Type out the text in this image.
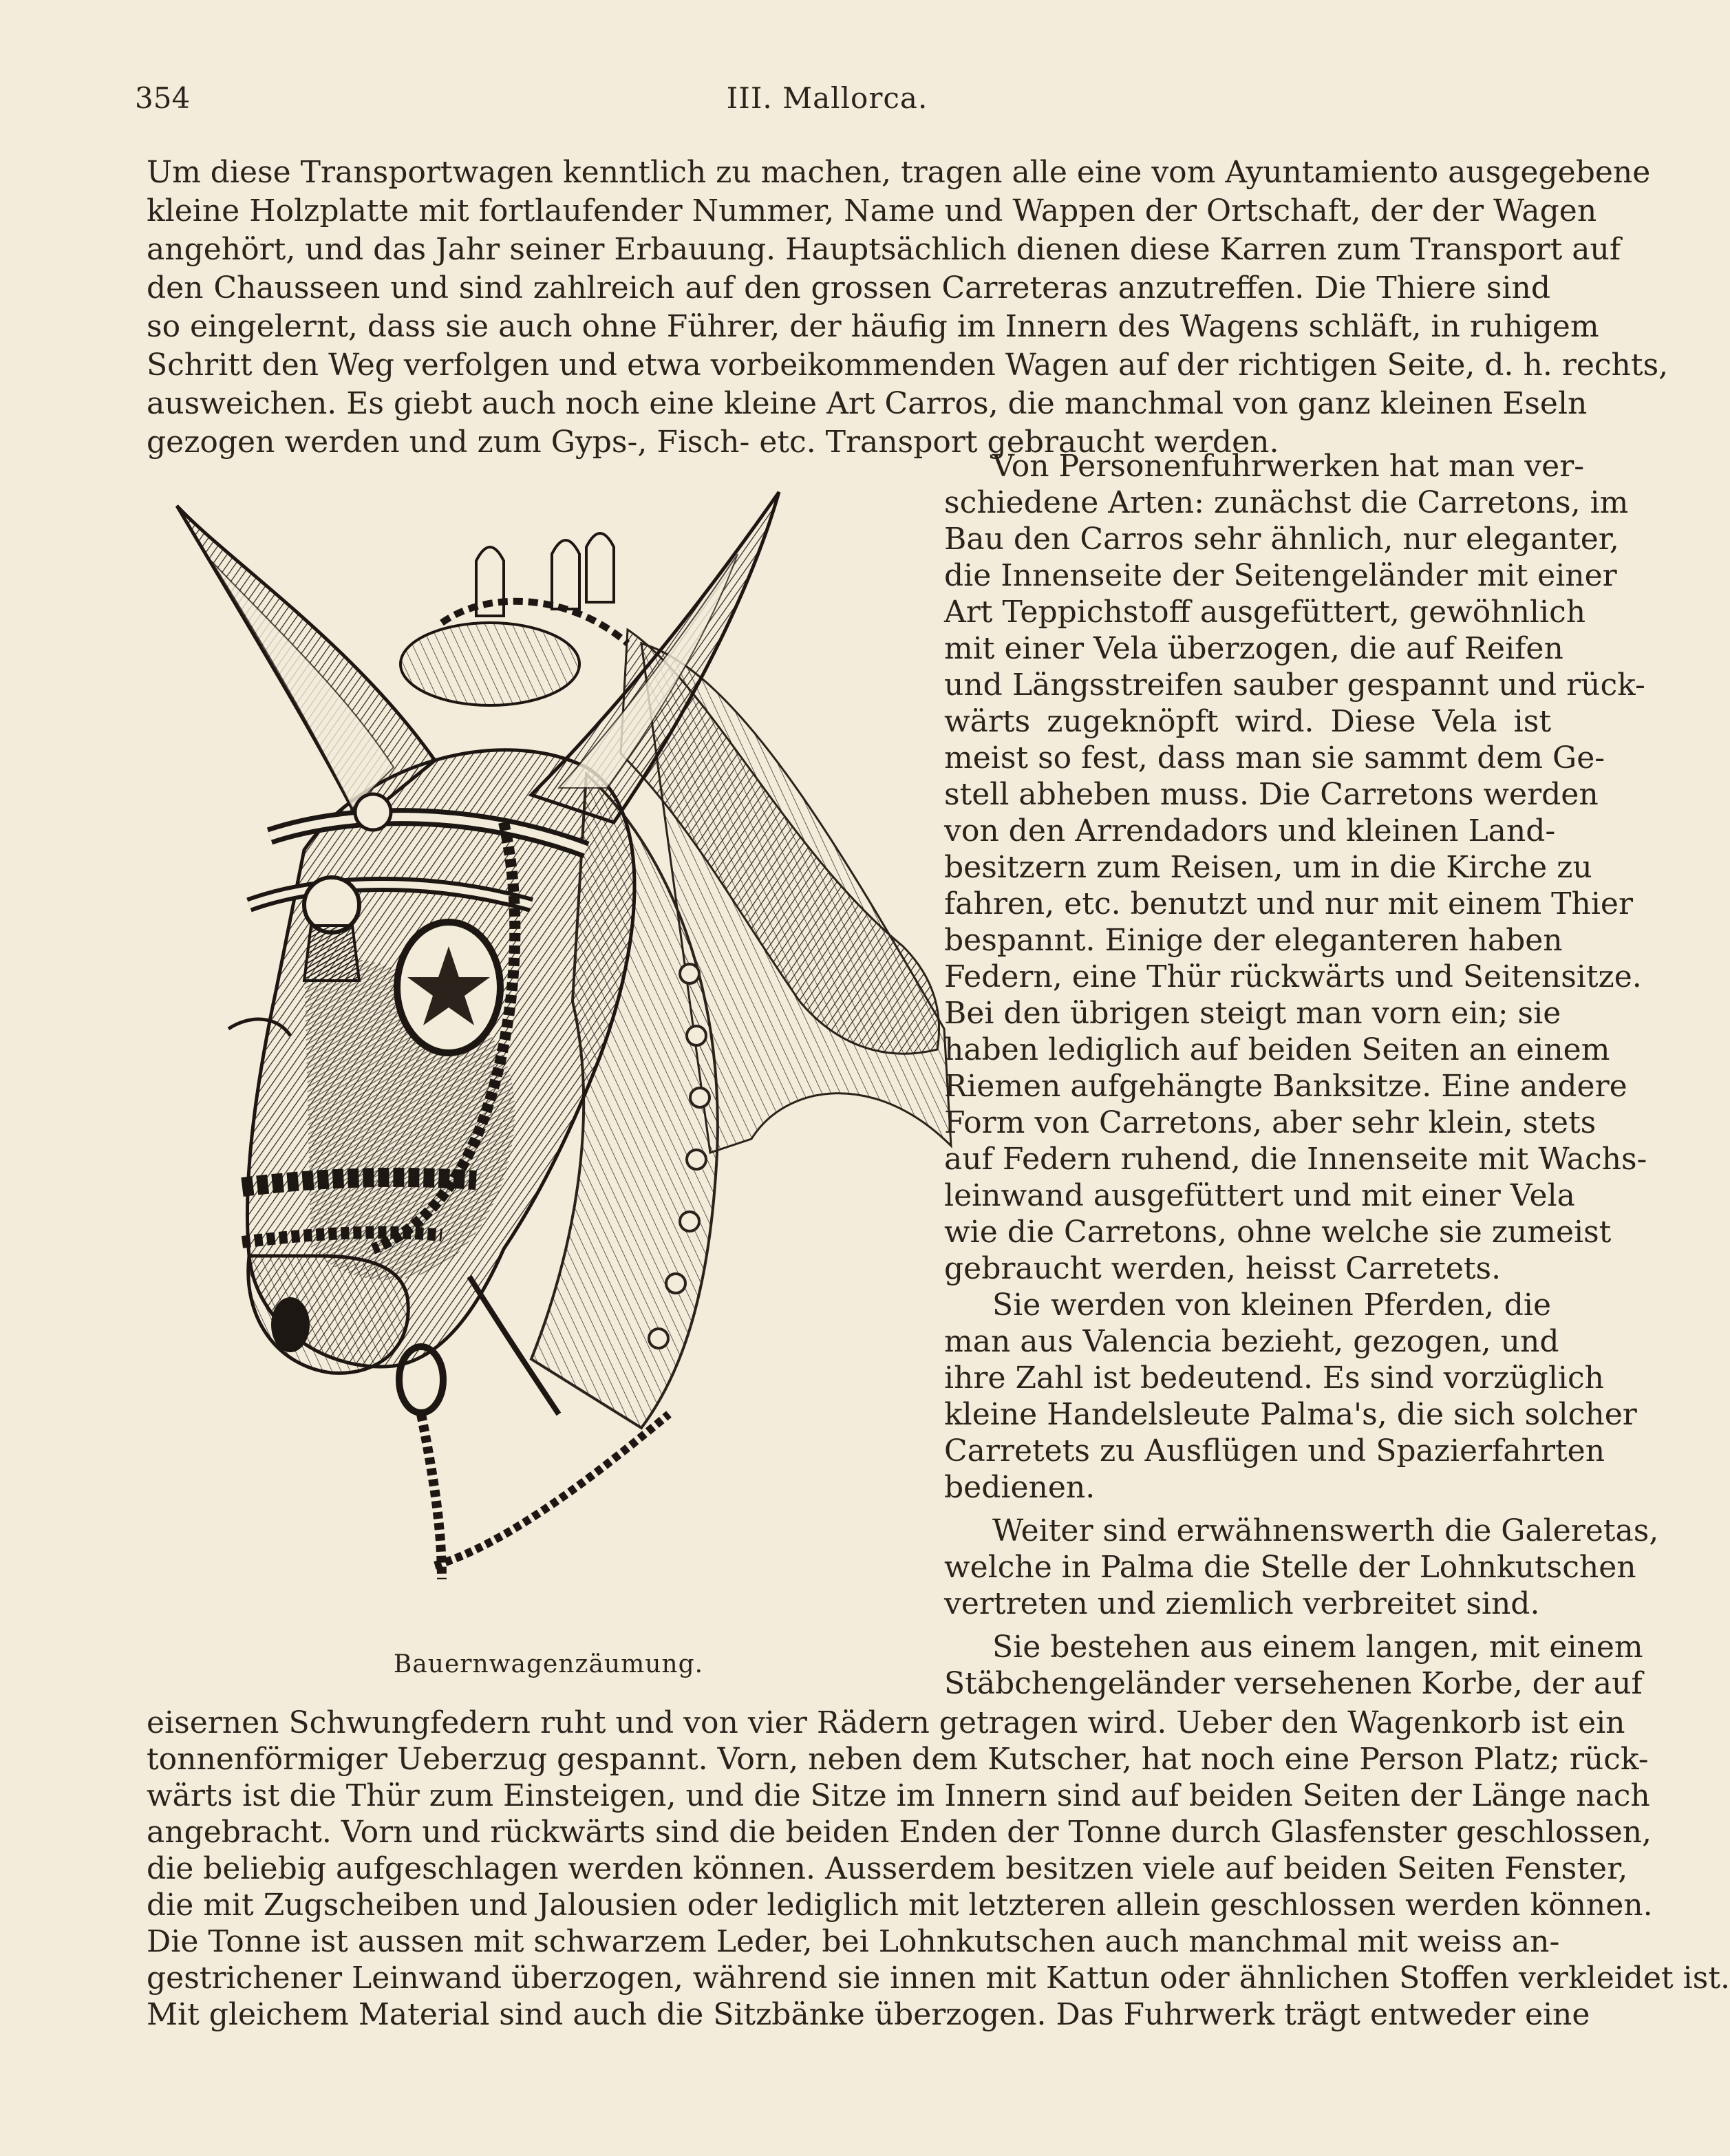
354	III. Mallorca.
Um diese Transportwagen kenntlich zu machen, tragen alle eine vom Ayuntamiento ausgegebene
kleine Holzplatte mit fortlaufender Nummer, Name und Wappen der Ortschaft, der der Wagen
angehört, und das Jahr seiner Erbauung. Hauptsächlich dienen diese Karren zum Transport auf
den Chausseen und sind zahlreich auf den grossen Carreteras anzutreffen. Die Thiere sind
so eingelernt, dass sie auch ohne Führer, der häufig im Innern des Wagens schläft, in ruhigem
Schritt den Weg verfolgen und etwa vorbeikommenden Wagen auf der richtigen Seite, d. h. rechts,
ausweichen. Es giebt auch noch eine kleine Art Carros, die manchmal von ganz kleinen Eseln
gezogen werden und zum Gyps-, Fisch- etc. Transport gebraucht werden.
Bauernwagenzäumung.
Von Personenfuhrwerken hat man ver-
schiedene Arten: zunächst die Carretons, im
Bau den Carros sehr ähnlich, nur eleganter,
die Innenseite der Seitengeländer mit einer
Art Teppichstoff ausgefüttert, gewöhnlich
mit einer Vela überzogen, die auf Reifen
und Längsstreifen sauber gespannt und rück-
wärts zugeknöpft wird. Diese Vela ist
meist so fest, dass man sie sammt dem Ge-
stell abheben muss. Die Carretons werden
von den Arrendadors und kleinen Land-
besitzern zum Reisen, um in die Kirche zu
fahren, etc. benutzt und nur mit einem Thier
bespannt. Einige der eleganteren haben
Federn, eine Thür rückwärts und Seitensitze.
Bei den übrigen steigt man vorn ein; sie
haben lediglich auf beiden Seiten an einem
Riemen aufgehängte Banksitze. Eine andere
Form von Carretons, aber sehr klein, stets
auf Federn ruhend, die Innenseite mit Wachs-
leinwand ausgefüttert und mit einer Vela
wie die Carretons, ohne welche sie zumeist
gebraucht werden, heisst Carretets.
Sie werden von kleinen Pferden, die
man aus Valencia bezieht, gezogen, und
ihre Zahl ist bedeutend. Es sind vorzüglich
kleine Handelsleute Palma's, die sich solcher
Carretets zu Ausflügen und Spazierfahrten
bedienen.
Weiter sind erwähnenswerth die Galeretas,
welche in Palma die Stelle der Lohnkutschen
vertreten und ziemlich verbreitet sind.
Sie bestehen aus einem langen, mit einem
Stäbchengeländer versehenen Korbe, der auf
eisernen Schwungfedern ruht und von vier Rädern getragen wird. Ueber den Wagenkorb ist ein
tonnenförmiger Ueberzug gespannt. Vorn, neben dem Kutscher, hat noch eine Person Platz; rück-
wärts ist die Thür zum Einsteigen, und die Sitze im Innern sind auf beiden Seiten der Länge nach
angebracht. Vorn und rückwärts sind die beiden Enden der Tonne durch Glasfenster geschlossen,
die beliebig aufgeschlagen werden können. Ausserdem besitzen viele auf beiden Seiten Fenster,
die mit Zugscheiben und Jalousien oder lediglich mit letzteren allein geschlossen werden können.
Die Tonne ist aussen mit schwarzem Leder, bei Lohnkutschen auch manchmal mit weiss an-
gestrichener Leinwand überzogen, während sie innen mit Kattun oder ähnlichen Stoffen verkleidet ist.
Mit gleichem Material sind auch die Sitzbänke überzogen. Das Fuhrwerk trägt entweder eine
